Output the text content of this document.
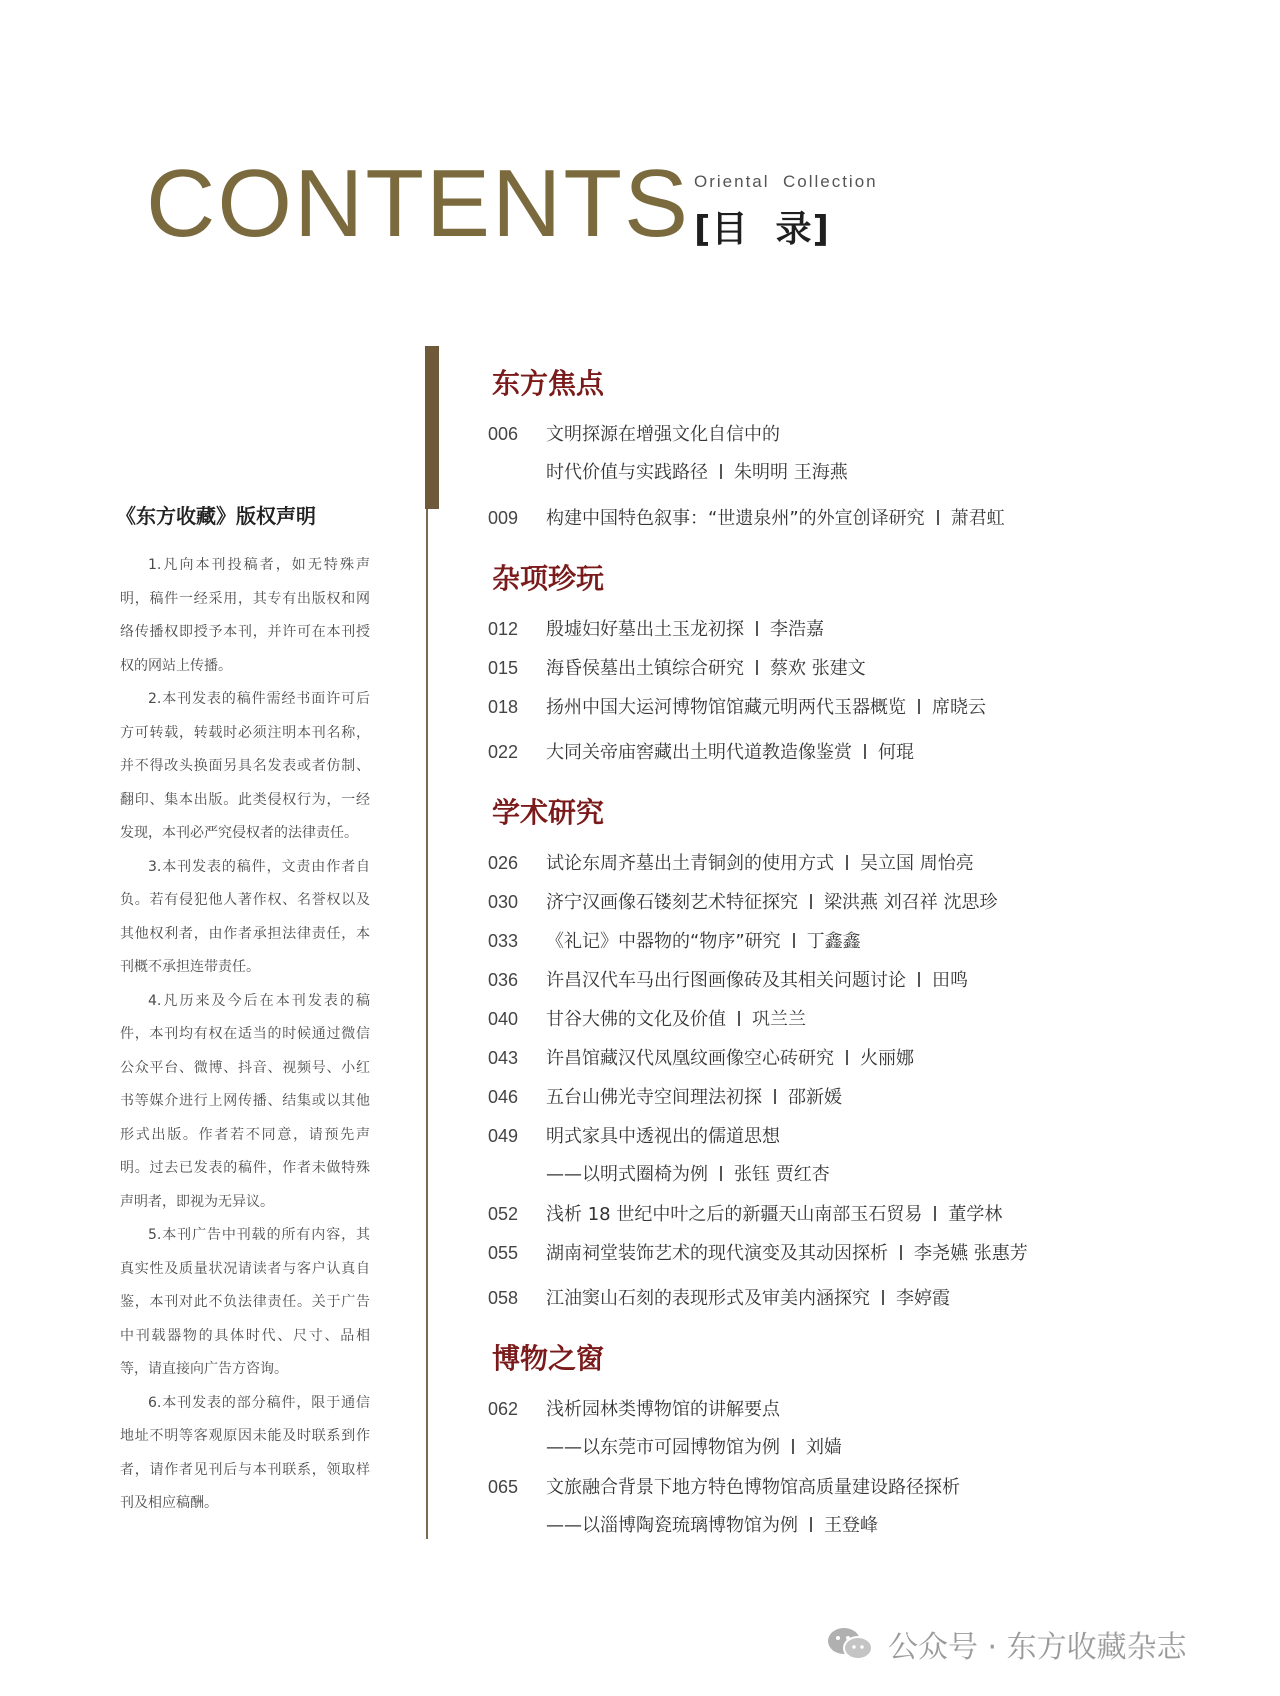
CONTENTS Oriental  Collection
[目  录]
《东方收藏》版权声明

1.凡向本刊投稿者，如无特殊声明，稿件一经采用，其专有出版权和网络传播权即授予本刊，并许可在本刊授权的网站上传播。

2.本刊发表的稿件需经书面许可后方可转载，转载时必须注明本刊名称，并不得改头换面另具名发表或者仿制、翻印、集本出版。此类侵权行为，一经发现，本刊必严究侵权者的法律责任。

3.本刊发表的稿件，文责由作者自负。若有侵犯他人著作权、名誉权以及其他权利者，由作者承担法律责任，本刊概不承担连带责任。

4.凡历来及今后在本刊发表的稿件，本刊均有权在适当的时候通过微信公众平台、微博、抖音、视频号、小红书等媒介进行上网传播、结集或以其他形式出版。作者若不同意，请预先声明。过去已发表的稿件，作者未做特殊声明者，即视为无异议。

5.本刊广告中刊载的所有内容，其真实性及质量状况请读者与客户认真自鉴，本刊对此不负法律责任。关于广告中刊载器物的具体时代、尺寸、品相等，请直接向广告方咨询。

6.本刊发表的部分稿件，限于通信地址不明等客观原因未能及时联系到作者，请作者见刊后与本刊联系，领取样刊及相应稿酬。

东方焦点
006 文明探源在增强文化自信中的
时代价值与实践路径 朱明明 王海燕
009 构建中国特色叙事：“世遗泉州”的外宣创译研究 萧君虹
杂项珍玩
012 殷墟妇好墓出土玉龙初探 李浩嘉
015 海昏侯墓出土镇综合研究 蔡欢 张建文
018 扬州中国大运河博物馆馆藏元明两代玉器概览 席晓云
022 大同关帝庙窖藏出土明代道教造像鉴赏 何琨
学术研究
026 试论东周齐墓出土青铜剑的使用方式 吴立国 周怡亮
030 济宁汉画像石镂刻艺术特征探究 梁洪燕 刘召祥 沈思珍
033 《礼记》中器物的“物序”研究 丁鑫鑫
036 许昌汉代车马出行图画像砖及其相关问题讨论 田鸣
040 甘谷大佛的文化及价值 巩兰兰
043 许昌馆藏汉代凤凰纹画像空心砖研究 火丽娜
046 五台山佛光寺空间理法初探 邵新媛
049 明式家具中透视出的儒道思想
——以明式圈椅为例 张钰 贾红杏
052 浅析 18 世纪中叶之后的新疆天山南部玉石贸易 董学林
055 湖南祠堂装饰艺术的现代演变及其动因探析 李尧嬿 张惠芳
058 江油窦山石刻的表现形式及审美内涵探究 李婷霞
博物之窗
062 浅析园林类博物馆的讲解要点
——以东莞市可园博物馆为例 刘嫱
065 文旅融合背景下地方特色博物馆高质量建设路径探析
——以淄博陶瓷琉璃博物馆为例 王登峰
公众号 · 东方收藏杂志
